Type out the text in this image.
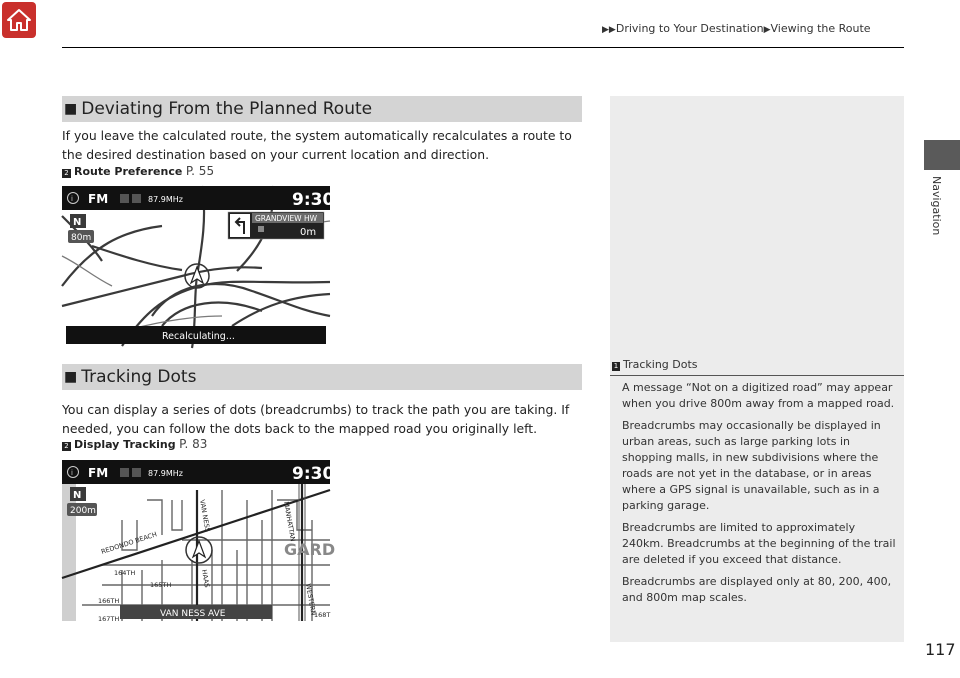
▶▶Driving to Your Destination▶Viewing the Route
Navigation
■ Deviating From the Planned Route
If you leave the calculated route, the system automatically recalculates a route to the desired destination based on your current location and direction.
2 Route Preference P. 55
i FM	87.9MHz	9:30
N
80m
GRANDVIEW HW
0m
Recalculating...
■ Tracking Dots
You can display a series of dots (breadcrumbs) to track the path you are taking. If needed, you can follow the dots back to the mapped road you originally left.
2 Display Tracking P. 83
VAN NESS	MANHATTAN
REDONDO BEACH
164TH
165TH
166TH
167TH
HAAS
WESTERN
168T
GARD
i FM	87.9MHz	9:30
N
200m
VAN NESS AVE
1 Tracking Dots

A message “Not on a digitized road” may appear when you drive 800m away from a mapped road.

Breadcrumbs may occasionally be displayed in urban areas, such as large parking lots in shopping malls, in new subdivisions where the roads are not yet in the database, or in areas where a GPS signal is unavailable, such as in a parking garage.

Breadcrumbs are limited to approximately 240km. Breadcrumbs at the beginning of the trail are deleted if you exceed that distance.

Breadcrumbs are displayed only at 80, 200, 400, and 800m map scales.

117
